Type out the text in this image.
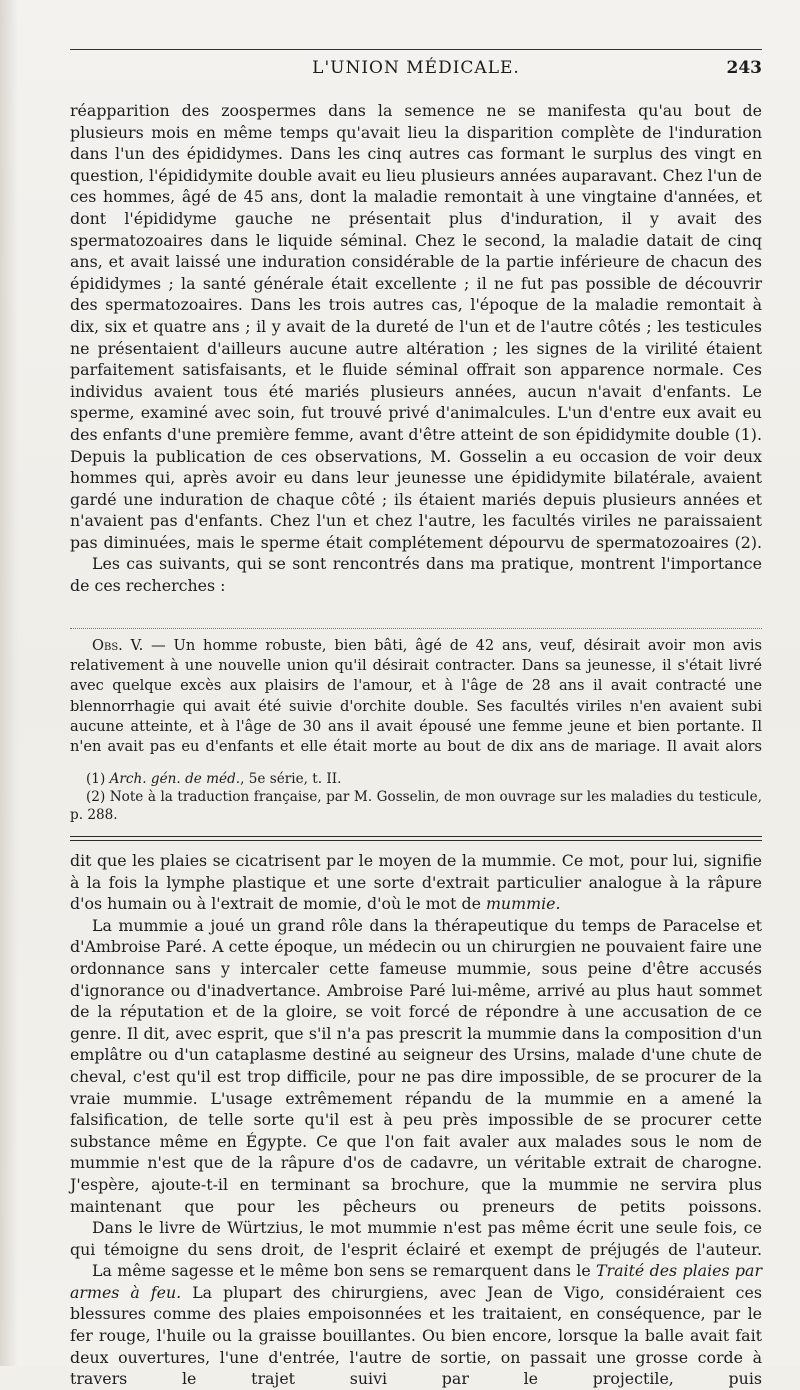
L'UNION MÉDICALE.	243

réapparition des zoospermes dans la semence ne se manifesta qu'au bout de plusieurs mois en même temps qu'avait lieu la disparition complète de l'induration dans l'un des épididymes. Dans les cinq autres cas formant le surplus des vingt en question, l'épididymite double avait eu lieu plusieurs années auparavant. Chez l'un de ces hommes, âgé de 45 ans, dont la maladie remontait à une vingtaine d'années, et dont l'épididyme gauche ne présentait plus d'induration, il y avait des spermatozoaires dans le liquide séminal. Chez le second, la maladie datait de cinq ans, et avait laissé une induration considérable de la partie inférieure de chacun des épididymes ; la santé générale était excellente ; il ne fut pas possible de découvrir des spermatozoaires. Dans les trois autres cas, l'époque de la maladie remontait à dix, six et quatre ans ; il y avait de la dureté de l'un et de l'autre côtés ; les testicules ne présentaient d'ailleurs aucune autre altération ; les signes de la virilité étaient parfaitement satisfaisants, et le fluide séminal offrait son apparence normale. Ces individus avaient tous été mariés plusieurs années, aucun n'avait d'enfants. Le sperme, examiné avec soin, fut trouvé privé d'animalcules. L'un d'entre eux avait eu des enfants d'une première femme, avant d'être atteint de son épididymite double (1). Depuis la publication de ces observations, M. Gosselin a eu occasion de voir deux hommes qui, après avoir eu dans leur jeunesse une épididymite bilatérale, avaient gardé une induration de chaque côté ; ils étaient mariés depuis plusieurs années et n'avaient pas d'enfants. Chez l'un et chez l'autre, les facultés viriles ne paraissaient pas diminuées, mais le sperme était complétement dépourvu de spermatozoaires (2).

Les cas suivants, qui se sont rencontrés dans ma pratique, montrent l'importance de ces recherches :

Obs. V. — Un homme robuste, bien bâti, âgé de 42 ans, veuf, désirait avoir mon avis relativement à une nouvelle union qu'il désirait contracter. Dans sa jeunesse, il s'était livré avec quelque excès aux plaisirs de l'amour, et à l'âge de 28 ans il avait contracté une blennorrhagie qui avait été suivie d'orchite double. Ses facultés viriles n'en avaient subi aucune atteinte, et à l'âge de 30 ans il avait épousé une femme jeune et bien portante. Il n'en avait pas eu d'enfants et elle était morte au bout de dix ans de mariage. Il avait alors

(1) Arch. gén. de méd., 5e série, t. II.

(2) Note à la traduction française, par M. Gosselin, de mon ouvrage sur les maladies du testicule, p. 288.

dit que les plaies se cicatrisent par le moyen de la mummie. Ce mot, pour lui, signifie à la fois la lymphe plastique et une sorte d'extrait particulier analogue à la râpure d'os humain ou à l'extrait de momie, d'où le mot de mummie.

La mummie a joué un grand rôle dans la thérapeutique du temps de Paracelse et d'Ambroise Paré. A cette époque, un médecin ou un chirurgien ne pouvaient faire une ordonnance sans y intercaler cette fameuse mummie, sous peine d'être accusés d'ignorance ou d'inadvertance. Ambroise Paré lui-même, arrivé au plus haut sommet de la réputation et de la gloire, se voit forcé de répondre à une accusation de ce genre. Il dit, avec esprit, que s'il n'a pas prescrit la mummie dans la composition d'un emplâtre ou d'un cataplasme destiné au seigneur des Ursins, malade d'une chute de cheval, c'est qu'il est trop difficile, pour ne pas dire impossible, de se procurer de la vraie mummie. L'usage extrêmement répandu de la mummie en a amené la falsification, de telle sorte qu'il est à peu près impossible de se procurer cette substance même en Égypte. Ce que l'on fait avaler aux malades sous le nom de mummie n'est que de la râpure d'os de cadavre, un véritable extrait de charogne. J'espère, ajoute-t-il en terminant sa brochure, que la mummie ne servira plus maintenant que pour les pêcheurs ou preneurs de petits poissons.

Dans le livre de Würtzius, le mot mummie n'est pas même écrit une seule fois, ce qui témoigne du sens droit, de l'esprit éclairé et exempt de préjugés de l'auteur.

La même sagesse et le même bon sens se remarquent dans le Traité des plaies par armes à feu. La plupart des chirurgiens, avec Jean de Vigo, considéraient ces blessures comme des plaies empoisonnées et les traitaient, en conséquence, par le fer rouge, l'huile ou la graisse bouillantes. Ou bien encore, lorsque la balle avait fait deux ouvertures, l'une d'entrée, l'autre de sortie, on passait une grosse corde à travers le trajet suivi par le projectile, puis
